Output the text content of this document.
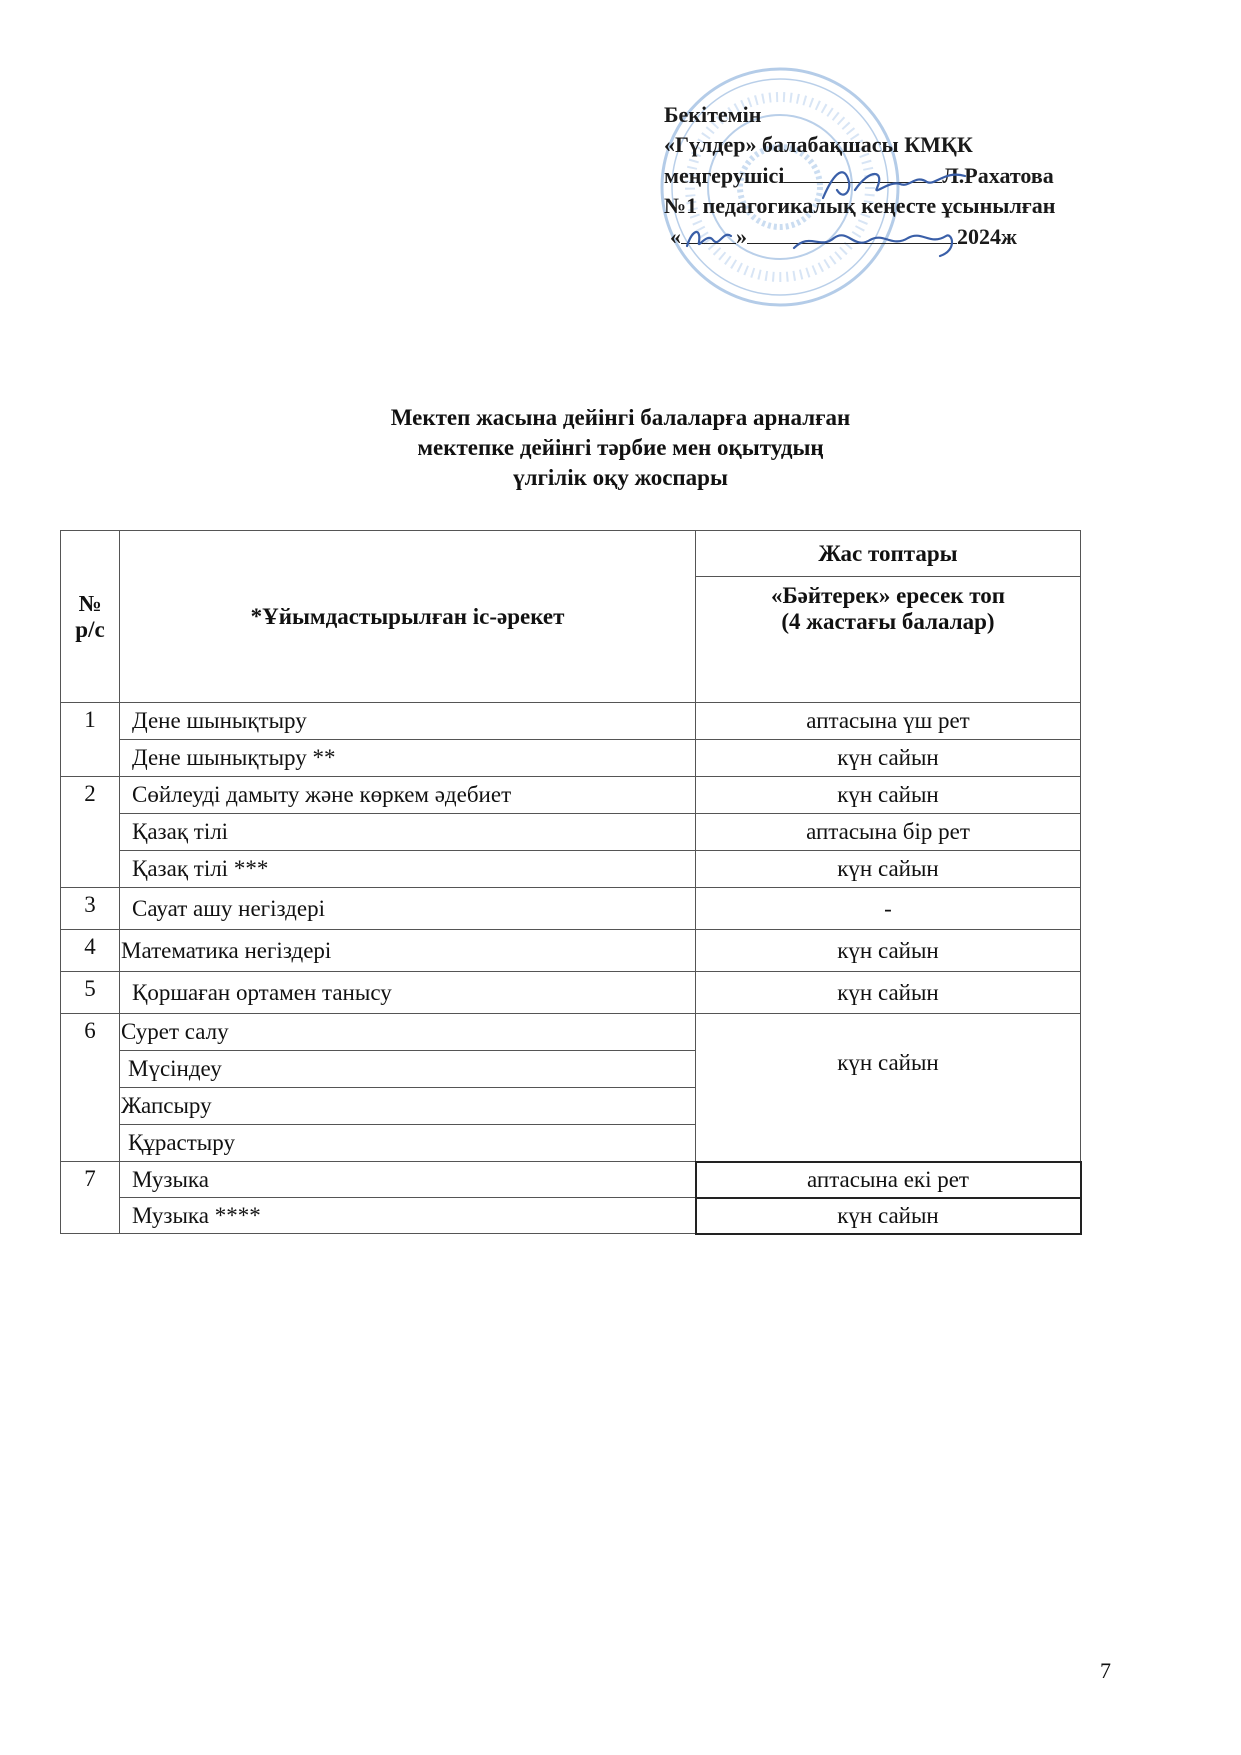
Бекітемін
«Гүлдер» балабақшасы КМҚК
меңгерушісі	Л.Рахатова
№1 педагогикалық кеңесте ұсынылған
«	»	2024ж
Мектеп жасына дейінгі балаларға арналған
мектепке дейінгі тәрбие мен оқытудың
үлгілік оқу жоспары
№
р/с	*Ұйымдастырылған іс-әрекет	Жас топтары

		«Бәйтерек» ересек топ
(4 жастағы балалар)

1	Дене шынықтыру	аптасына үш рет
	Дене шынықтыру **	күн сайын
2	Сөйлеуді дамыту және көркем әдебиет	күн сайын
	Қазақ тілі	аптасына бір рет
	Қазақ тілі ***	күн сайын
3	Сауат ашу негіздері	-
4	Математика негіздері	күн сайын
5	Қоршаған ортамен танысу	күн сайын
6	Сурет салу	күн сайын
	Мүсіндеу	
	Жапсыру	
	Құрастыру	
7	Музыка	аптасына екі рет
	Музыка ****	күн сайын
7
